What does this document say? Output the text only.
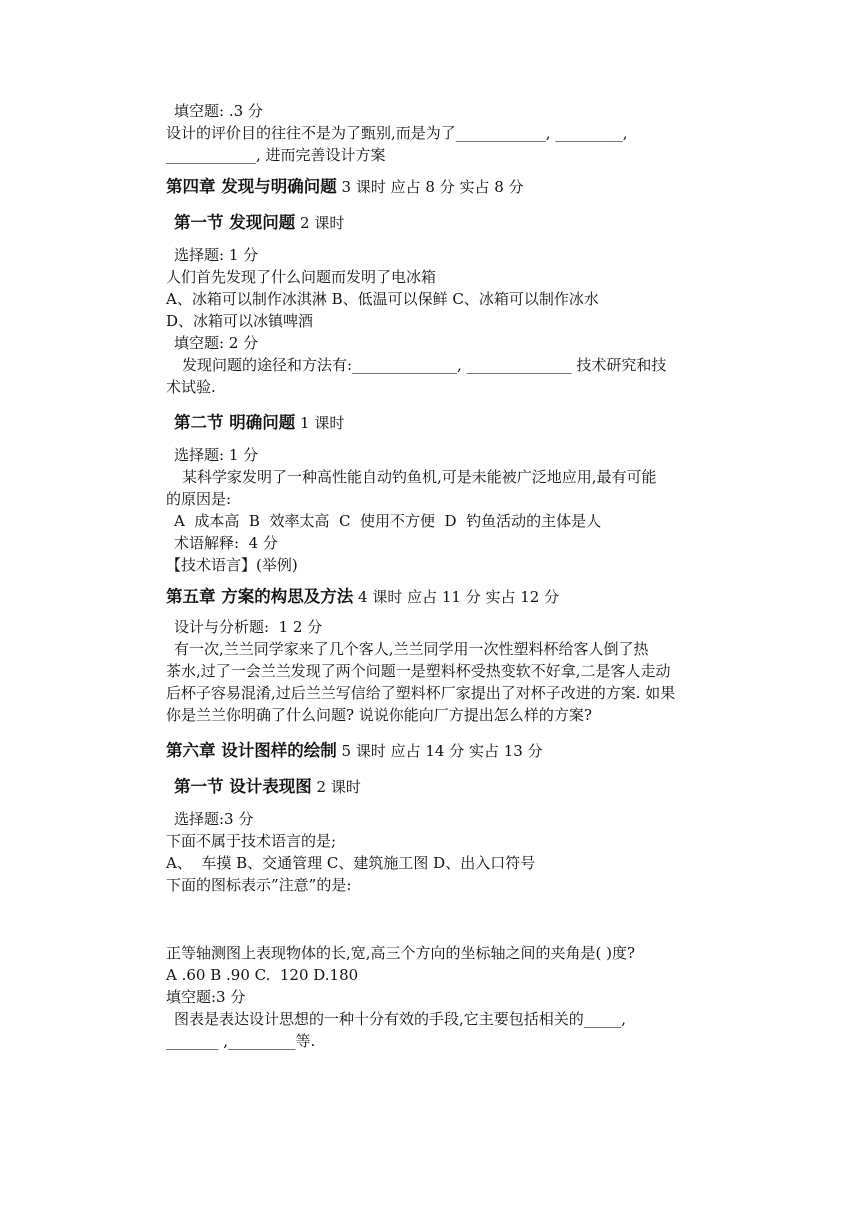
填空题: .3 分

设计的评价目的往往不是为了甄别,而是为了____________, _________,

____________, 进而完善设计方案

第四章 发现与明确问题 3 课时 应占 8 分 实占 8 分
第一节 发现问题 2 课时

选择题: 1 分

人们首先发现了什么问题而发明了电冰箱

A、冰箱可以制作冰淇淋 B、低温可以保鲜 C、冰箱可以制作冰水

D、冰箱可以冰镇啤酒

填空题: 2 分

发现问题的途径和方法有:______________, ______________ 技术研究和技

术试验.

第二节 明确问题 1 课时

选择题: 1 分

某科学家发明了一种高性能自动钓鱼机,可是未能被广泛地应用,最有可能

的原因是:

A  成本高  B  效率太高  C  使用不方便  D  钓鱼活动的主体是人

术语解释:  4 分

【技术语言】(举例)

第五章 方案的构思及方法 4 课时 应占 11 分 实占 12 分

设计与分析题:  1 2 分

有一次,兰兰同学家来了几个客人,兰兰同学用一次性塑料杯给客人倒了热

茶水,过了一会兰兰发现了两个问题一是塑料杯受热变软不好拿,二是客人走动

后杯子容易混淆,过后兰兰写信给了塑料杯厂家提出了对杯子改进的方案. 如果

你是兰兰你明确了什么问题? 说说你能向厂方提出怎么样的方案?

第六章 设计图样的绘制 5 课时 应占 14 分 实占 13 分
第一节 设计表现图 2 课时

选择题:3 分

下面不属于技术语言的是;

A、  车摸 B、交通管理 C、建筑施工图 D、出入口符号

下面的图标表示”注意”的是:

正等轴测图上表现物体的长,宽,高三个方向的坐标轴之间的夹角是( )度?

A .60 B .90 C.  120 D.180

填空题:3 分

图表是表达设计思想的一种十分有效的手段,它主要包括相关的_____,

_______ ,_________等.
